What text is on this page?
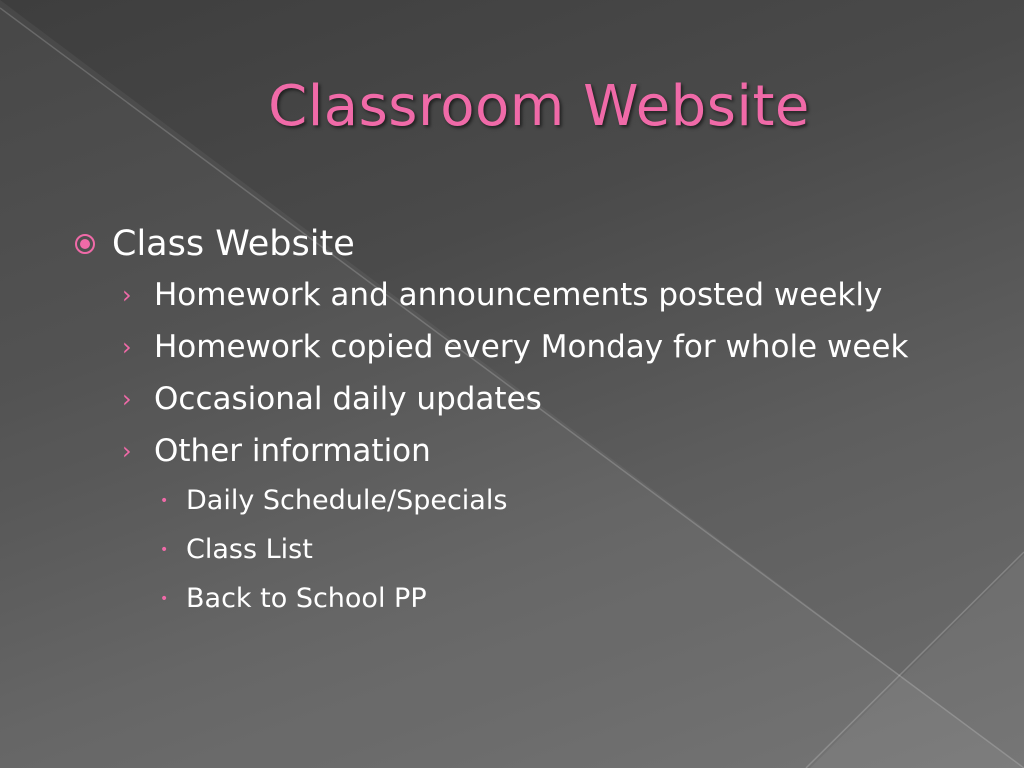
Classroom Website
Class Website
› Homework and announcements posted weekly
› Homework copied every Monday for whole week
› Occasional daily updates
› Other information
• Daily Schedule/Specials
• Class List
• Back to School PP
